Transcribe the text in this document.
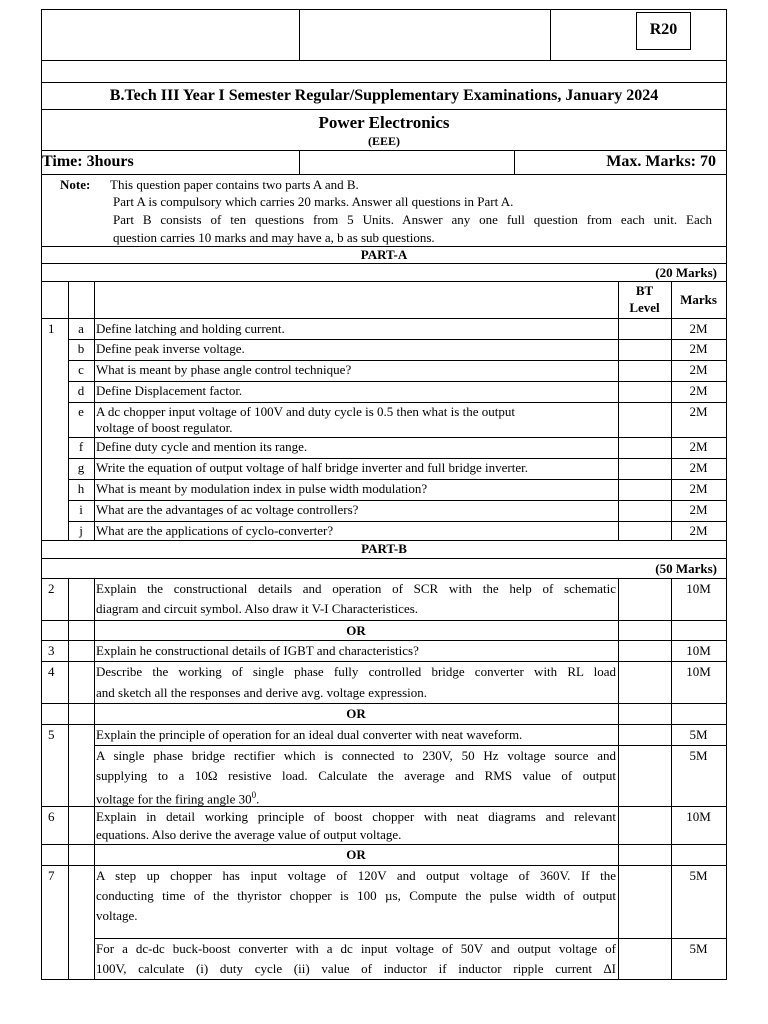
R20
B.Tech III Year I Semester Regular/Supplementary Examinations, January 2024
Power Electronics
(EEE)
Time: 3hours	Max. Marks: 70
Note: This question paper contains two parts A and B.
Part A is compulsory which carries 20 marks. Answer all questions in Part A.
Part B consists of ten questions from 5 Units. Answer any one full question from each unit. Each
question carries 10 marks and may have a, b as sub questions.
PART-A
(20 Marks)
BT
Level
Marks
1	a Define latching and holding current.	2M
b Define peak inverse voltage.	2M
c What is meant by phase angle control technique?	2M
d Define Displacement factor.	2M
e A dc chopper input voltage of 100V and duty cycle is 0.5 then what is the output
voltage of boost regulator.
2M
f Define duty cycle and mention its range.	2M
g Write the equation of output voltage of half bridge inverter and full bridge inverter.	2M
h What is meant by modulation index in pulse width modulation?	2M
i	What are the advantages of ac voltage controllers?	2M
j	What are the applications of cyclo-converter?	2M
PART-B
(50 Marks)
2	Explain the constructional details and operation of SCR with the help of schematic
diagram and circuit symbol. Also draw it V-I Characteristices.
10M
OR
3	Explain he constructional details of IGBT and characteristics?	10M
4	Describe the working of single phase fully controlled bridge converter with RL load
and sketch all the responses and derive avg. voltage expression.
10M
OR
5	Explain the principle of operation for an ideal dual converter with neat waveform.	5M
A single phase bridge rectifier which is connected to 230V, 50 Hz voltage source and
supplying to a 10Ω resistive load. Calculate the average and RMS value of output
voltage for the firing angle $30^0$.
5M
6	Explain in detail working principle of boost chopper with neat diagrams and relevant
equations. Also derive the average value of output voltage.
10M
OR
7	A step up chopper has input voltage of 120V and output voltage of 360V. If the
conducting time of the thyristor chopper is 100 µs, Compute the pulse width of output
voltage.
5M
For a dc-dc buck-boost converter with a dc input voltage of 50V and output voltage of
100V, calculate (i) duty cycle (ii) value of inductor if inductor ripple current ∆I
5M
